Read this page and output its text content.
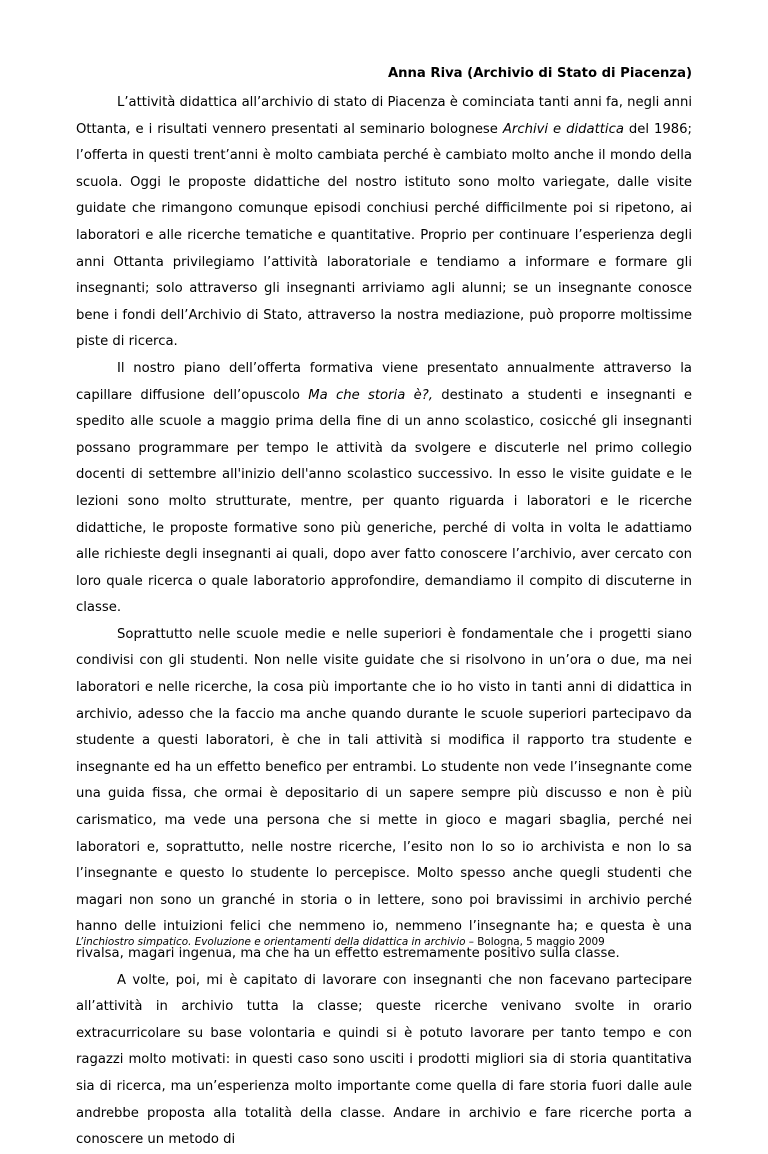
Anna Riva (Archivio di Stato di Piacenza)

L’attività didattica all’archivio di stato di Piacenza è cominciata tanti anni fa, negli anni Ottanta, e i risultati vennero presentati al seminario bolognese Archivi e didattica del 1986; l’offerta in questi trent’anni è molto cambiata perché è cambiato molto anche il mondo della scuola. Oggi le proposte didattiche del nostro istituto sono molto variegate, dalle visite guidate che rimangono comunque episodi conchiusi perché difficilmente poi si ripetono, ai laboratori e alle ricerche tematiche e quantitative. Proprio per continuare l’esperienza degli anni Ottanta privilegiamo l’attività laboratoriale e tendiamo a informare e formare gli insegnanti; solo attraverso gli insegnanti arriviamo agli alunni; se un insegnante conosce bene i fondi dell’Archivio di Stato, attraverso la nostra mediazione, può proporre moltissime piste di ricerca.

Il nostro piano dell’offerta formativa viene presentato annualmente attraverso la capillare diffusione dell’opuscolo Ma che storia è?, destinato a studenti e insegnanti e spedito alle scuole a maggio prima della fine di un anno scolastico, cosicché gli insegnanti possano programmare per tempo le attività da svolgere e discuterle nel primo collegio docenti di settembre all'inizio dell'anno scolastico successivo. In esso le visite guidate e le lezioni sono molto strutturate, mentre, per quanto riguarda i laboratori e le ricerche didattiche, le proposte formative sono più generiche, perché di volta in volta le adattiamo alle richieste degli insegnanti ai quali, dopo aver fatto conoscere l’archivio, aver cercato con loro quale ricerca o quale laboratorio approfondire, demandiamo il compito di discuterne in classe.

Soprattutto nelle scuole medie e nelle superiori è fondamentale che i progetti siano condivisi con gli studenti. Non nelle visite guidate che si risolvono in un’ora o due, ma nei laboratori e nelle ricerche, la cosa più importante che io ho visto in tanti anni di didattica in archivio, adesso che la faccio ma anche quando durante le scuole superiori partecipavo da studente a questi laboratori, è che in tali attività si modifica il rapporto tra studente e insegnante ed ha un effetto benefico per entrambi. Lo studente non vede l’insegnante come una guida fissa, che ormai è depositario di un sapere sempre più discusso e non è più carismatico, ma vede una persona che si mette in gioco e magari sbaglia, perché nei laboratori e, soprattutto, nelle nostre ricerche, l’esito non lo so io archivista e non lo sa l’insegnante e questo lo studente lo percepisce. Molto spesso anche quegli studenti che magari non sono un granché in storia o in lettere, sono poi bravissimi in archivio perché hanno delle intuizioni felici che nemmeno io, nemmeno l’insegnante ha; e questa è una rivalsa, magari ingenua, ma che ha un effetto estremamente positivo sulla classe.

A volte, poi, mi è capitato di lavorare con insegnanti che non facevano partecipare all’attività in archivio tutta la classe; queste ricerche venivano svolte in orario extracurricolare su base volontaria e quindi si è potuto lavorare per tanto tempo e con ragazzi molto motivati: in questi caso sono usciti i prodotti migliori sia di storia quantitativa sia di ricerca, ma un’esperienza molto importante come quella di fare storia fuori dalle aule andrebbe proposta alla totalità della classe. Andare in archivio e fare ricerche porta a conoscere un metodo di

L’inchiostro simpatico. Evoluzione e orientamenti della didattica in archivio – Bologna, 5 maggio 2009
